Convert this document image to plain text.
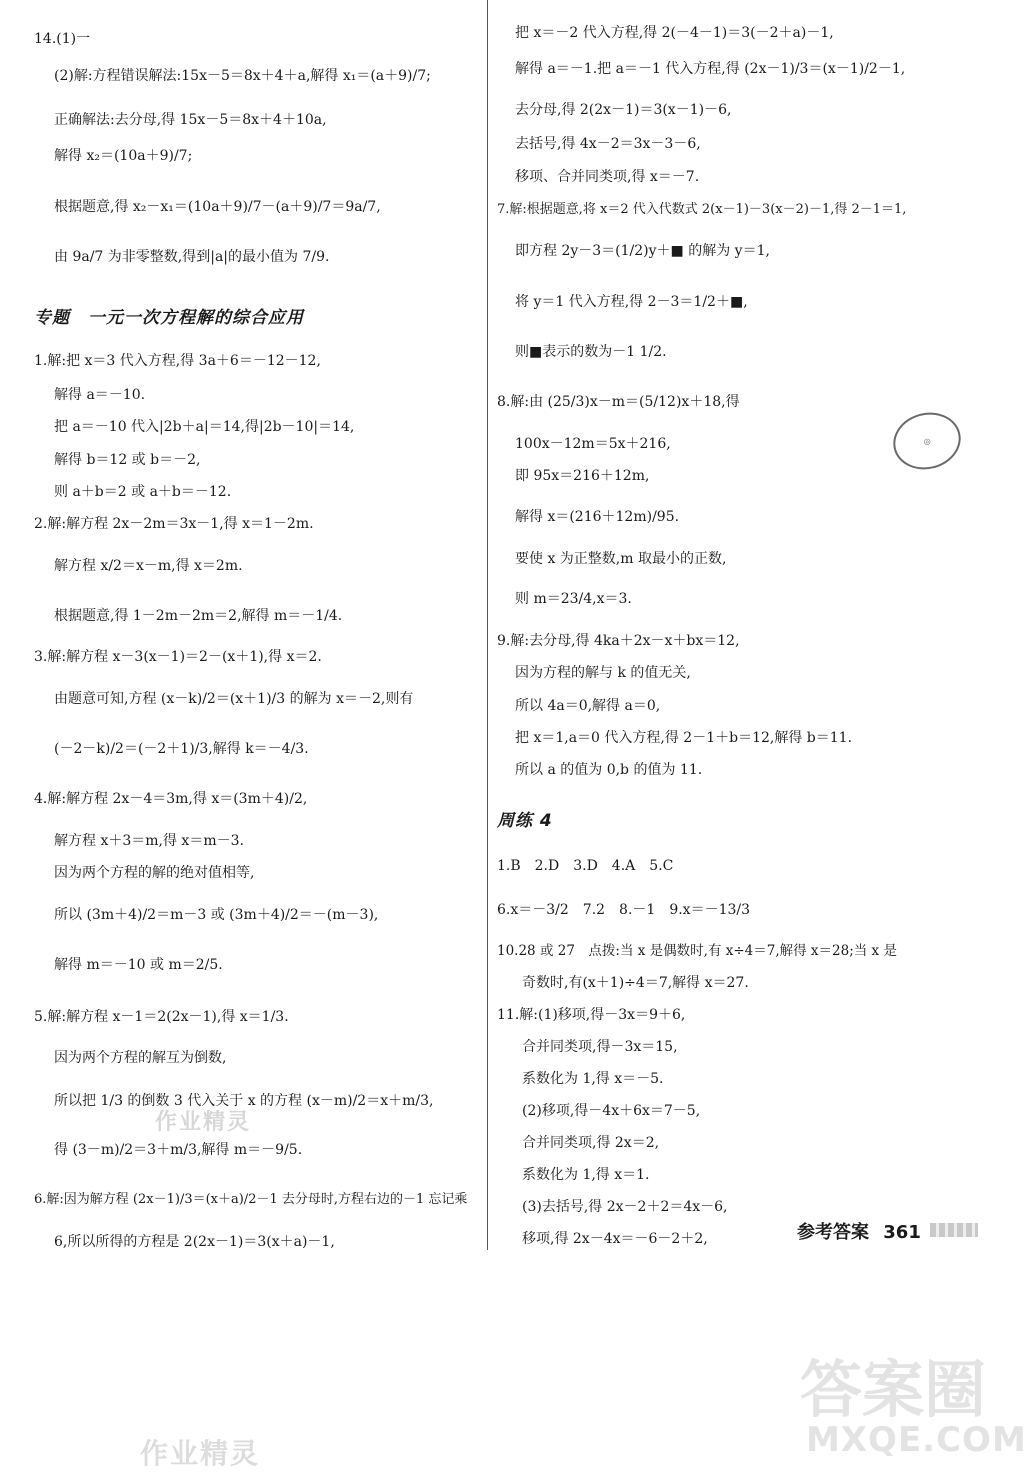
14.(1)一
(2)解:方程错误解法:15x－5＝8x＋4＋a,解得 x₁＝(a＋9)/7;
正确解法:去分母,得 15x－5＝8x＋4＋10a,
解得 x₂＝(10a＋9)/7;
根据题意,得 x₂－x₁＝(10a＋9)/7－(a＋9)/7＝9a/7,
由 9a/7 为非零整数,得到|a|的最小值为 7/9.
专题　一元一次方程解的综合应用
1.解:把 x＝3 代入方程,得 3a＋6＝－12－12,
解得 a＝－10.
把 a＝－10 代入|2b＋a|＝14,得|2b－10|＝14,
解得 b＝12 或 b＝－2,
则 a＋b＝2 或 a＋b＝－12.
2.解:解方程 2x－2m＝3x－1,得 x＝1－2m.
解方程 x/2＝x－m,得 x＝2m.
根据题意,得 1－2m－2m＝2,解得 m＝－1/4.
3.解:解方程 x－3(x－1)＝2－(x＋1),得 x＝2.
由题意可知,方程 (x－k)/2＝(x＋1)/3 的解为 x＝－2,则有
(－2－k)/2＝(－2＋1)/3,解得 k＝－4/3.
4.解:解方程 2x－4＝3m,得 x＝(3m＋4)/2,
解方程 x＋3＝m,得 x＝m－3.
因为两个方程的解的绝对值相等,
所以 (3m＋4)/2＝m－3 或 (3m＋4)/2＝－(m－3),
解得 m＝－10 或 m＝2/5.
5.解:解方程 x－1＝2(2x－1),得 x＝1/3.
因为两个方程的解互为倒数,
所以把 1/3 的倒数 3 代入关于 x 的方程 (x－m)/2＝x＋m/3,
得 (3－m)/2＝3＋m/3,解得 m＝－9/5.
6.解:因为解方程 (2x－1)/3＝(x＋a)/2－1 去分母时,方程右边的－1 忘记乘
6,所以所得的方程是 2(2x－1)＝3(x＋a)－1,
把 x＝－2 代入方程,得 2(－4－1)＝3(－2＋a)－1,
解得 a＝－1.把 a＝－1 代入方程,得 (2x－1)/3＝(x－1)/2－1,
去分母,得 2(2x－1)＝3(x－1)－6,
去括号,得 4x－2＝3x－3－6,
移项、合并同类项,得 x＝－7.
7.解:根据题意,将 x＝2 代入代数式 2(x－1)－3(x－2)－1,得 2－1＝1,
即方程 2y－3＝(1/2)y＋■ 的解为 y＝1,
将 y＝1 代入方程,得 2－3＝1/2＋■,
则■表示的数为－1 1/2.
8.解:由 (25/3)x－m＝(5/12)x＋18,得
100x－12m＝5x＋216,
即 95x＝216＋12m,
解得 x＝(216＋12m)/95.
要使 x 为正整数,m 取最小的正数,
则 m＝23/4,x＝3.
9.解:去分母,得 4ka＋2x－x＋bx＝12,
因为方程的解与 k 的值无关,
所以 4a＝0,解得 a＝0,
把 x＝1,a＝0 代入方程,得 2－1＋b＝12,解得 b＝11.
所以 a 的值为 0,b 的值为 11.
周练 4
1.B　2.D　3.D　4.A　5.C
6.x＝－3/2　7.2　8.－1　9.x＝－13/3
10.28 或 27　点拨:当 x 是偶数时,有 x÷4＝7,解得 x＝28;当 x 是
奇数时,有(x＋1)÷4＝7,解得 x＝27.
11.解:(1)移项,得－3x＝9＋6,
合并同类项,得－3x＝15,
系数化为 1,得 x＝－5.
(2)移项,得－4x＋6x＝7－5,
合并同类项,得 2x＝2,
系数化为 1,得 x＝1.
(3)去括号,得 2x－2＋2＝4x－6,
移项,得 2x－4x＝－6－2＋2,
◎
参考答案 361
作业精灵
作业精灵
答案圈
MXQE.COM
